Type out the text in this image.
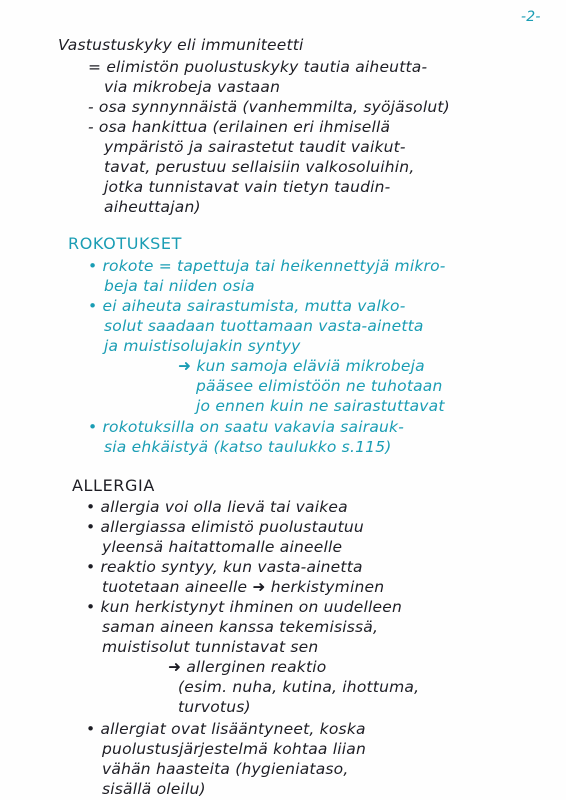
-2-
Vastustuskyky eli immuniteetti
= elimistön puolustuskyky tautia aiheutta-
via mikrobeja vastaan
- osa synnynnäistä (vanhemmilta, syöjäsolut)
- osa hankittua (erilainen eri ihmisellä
ympäristö ja sairastetut taudit vaikut-
tavat, perustuu sellaisiin valkosoluihin,
jotka tunnistavat vain tietyn taudin-
aiheuttajan)
ROKOTUKSET
• rokote = tapettuja tai heikennettyjä mikro-
beja tai niiden osia
• ei aiheuta sairastumista, mutta valko-
solut saadaan tuottamaan vasta-ainetta
ja muistisolujakin syntyy
➜ kun samoja eläviä mikrobeja
pääsee elimistöön ne tuhotaan
jo ennen kuin ne sairastuttavat
• rokotuksilla on saatu vakavia sairauk-
sia ehkäistyä (katso taulukko s.115)
ALLERGIA
• allergia voi olla lievä tai vaikea
• allergiassa elimistö puolustautuu
yleensä haitattomalle aineelle
• reaktio syntyy, kun vasta-ainetta
tuotetaan aineelle ➜ herkistyminen
• kun herkistynyt ihminen on uudelleen
saman aineen kanssa tekemisissä,
muistisolut tunnistavat sen
➜ allerginen reaktio
(esim. nuha, kutina, ihottuma,
turvotus)
• allergiat ovat lisääntyneet, koska
puolustusjärjestelmä kohtaa liian
vähän haasteita (hygieniataso,
sisällä oleilu)
